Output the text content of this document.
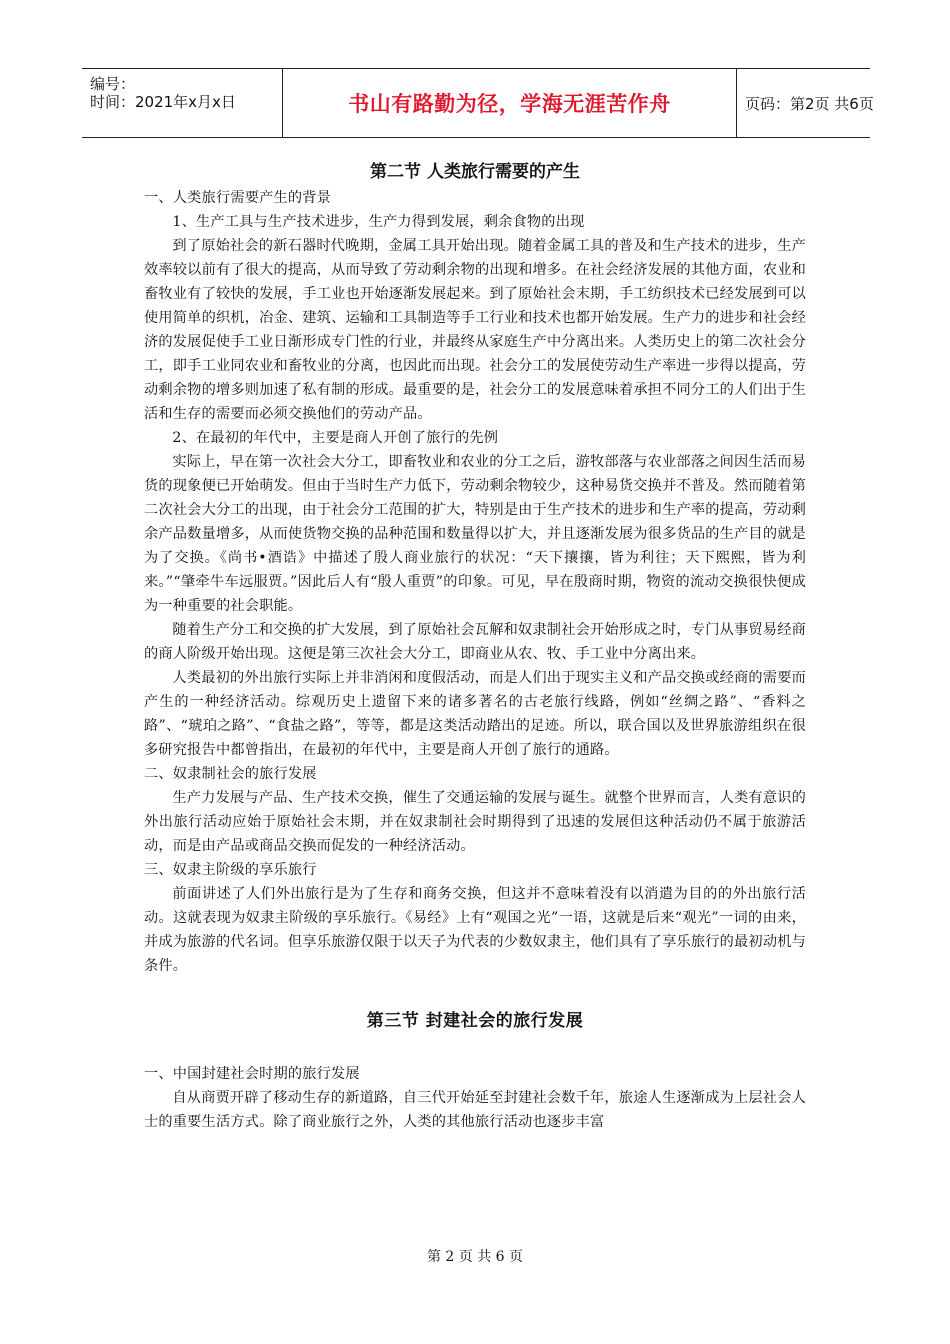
编号：
时间：2021年x月x日	书山有路勤为径，学海无涯苦作舟	页码：第2页 共6页
第二节 人类旅行需要的产生

一、人类旅行需要产生的背景

1、生产工具与生产技术进步，生产力得到发展，剩余食物的出现

到了原始社会的新石器时代晚期，金属工具开始出现。随着金属工具的普及和生产技术的进步，生产效率较以前有了很大的提高，从而导致了劳动剩余物的出现和增多。在社会经济发展的其他方面，农业和畜牧业有了较快的发展，手工业也开始逐渐发展起来。到了原始社会末期，手工纺织技术已经发展到可以使用简单的织机，冶金、建筑、运输和工具制造等手工行业和技术也都开始发展。生产力的进步和社会经济的发展促使手工业日渐形成专门性的行业，并最终从家庭生产中分离出来。人类历史上的第二次社会分工，即手工业同农业和畜牧业的分离，也因此而出现。社会分工的发展使劳动生产率进一步得以提高，劳动剩余物的增多则加速了私有制的形成。最重要的是，社会分工的发展意味着承担不同分工的人们出于生活和生存的需要而必须交换他们的劳动产品。

2、在最初的年代中，主要是商人开创了旅行的先例

实际上，早在第一次社会大分工，即畜牧业和农业的分工之后，游牧部落与农业部落之间因生活而易货的现象便已开始萌发。但由于当时生产力低下，劳动剩余物较少，这种易货交换并不普及。然而随着第二次社会大分工的出现，由于社会分工范围的扩大，特别是由于生产技术的进步和生产率的提高，劳动剩余产品数量增多，从而使货物交换的品种范围和数量得以扩大，并且逐渐发展为很多货品的生产目的就是为了交换。《尚书•酒诰》中描述了殷人商业旅行的状况：“天下攘攘，皆为利往；天下熙熙，皆为利来。”“肇牵牛车远服贾。”因此后人有“殷人重贾”的印象。可见，早在殷商时期，物资的流动交换很快便成为一种重要的社会职能。

随着生产分工和交换的扩大发展，到了原始社会瓦解和奴隶制社会开始形成之时，专门从事贸易经商的商人阶级开始出现。这便是第三次社会大分工，即商业从农、牧、手工业中分离出来。

人类最初的外出旅行实际上并非消闲和度假活动，而是人们出于现实主义和产品交换或经商的需要而产生的一种经济活动。综观历史上遗留下来的诸多著名的古老旅行线路，例如“丝绸之路”、“香料之路”、“琥珀之路”、“食盐之路”，等等，都是这类活动踏出的足迹。所以，联合国以及世界旅游组织在很多研究报告中都曾指出，在最初的年代中，主要是商人开创了旅行的通路。

二、奴隶制社会的旅行发展

生产力发展与产品、生产技术交换，催生了交通运输的发展与诞生。就整个世界而言，人类有意识的外出旅行活动应始于原始社会末期，并在奴隶制社会时期得到了迅速的发展但这种活动仍不属于旅游活动，而是由产品或商品交换而促发的一种经济活动。

三、奴隶主阶级的享乐旅行

前面讲述了人们外出旅行是为了生存和商务交换，但这并不意味着没有以消遣为目的的外出旅行活动。这就表现为奴隶主阶级的享乐旅行。《易经》上有“观国之光”一语，这就是后来“观光”一词的由来，并成为旅游的代名词。但享乐旅游仅限于以天子为代表的少数奴隶主，他们具有了享乐旅行的最初动机与条件。

第三节 封建社会的旅行发展

一、中国封建社会时期的旅行发展

自从商贾开辟了移动生存的新道路，自三代开始延至封建社会数千年，旅途人生逐渐成为上层社会人士的重要生活方式。除了商业旅行之外，人类的其他旅行活动也逐步丰富

第 2 页 共 6 页
